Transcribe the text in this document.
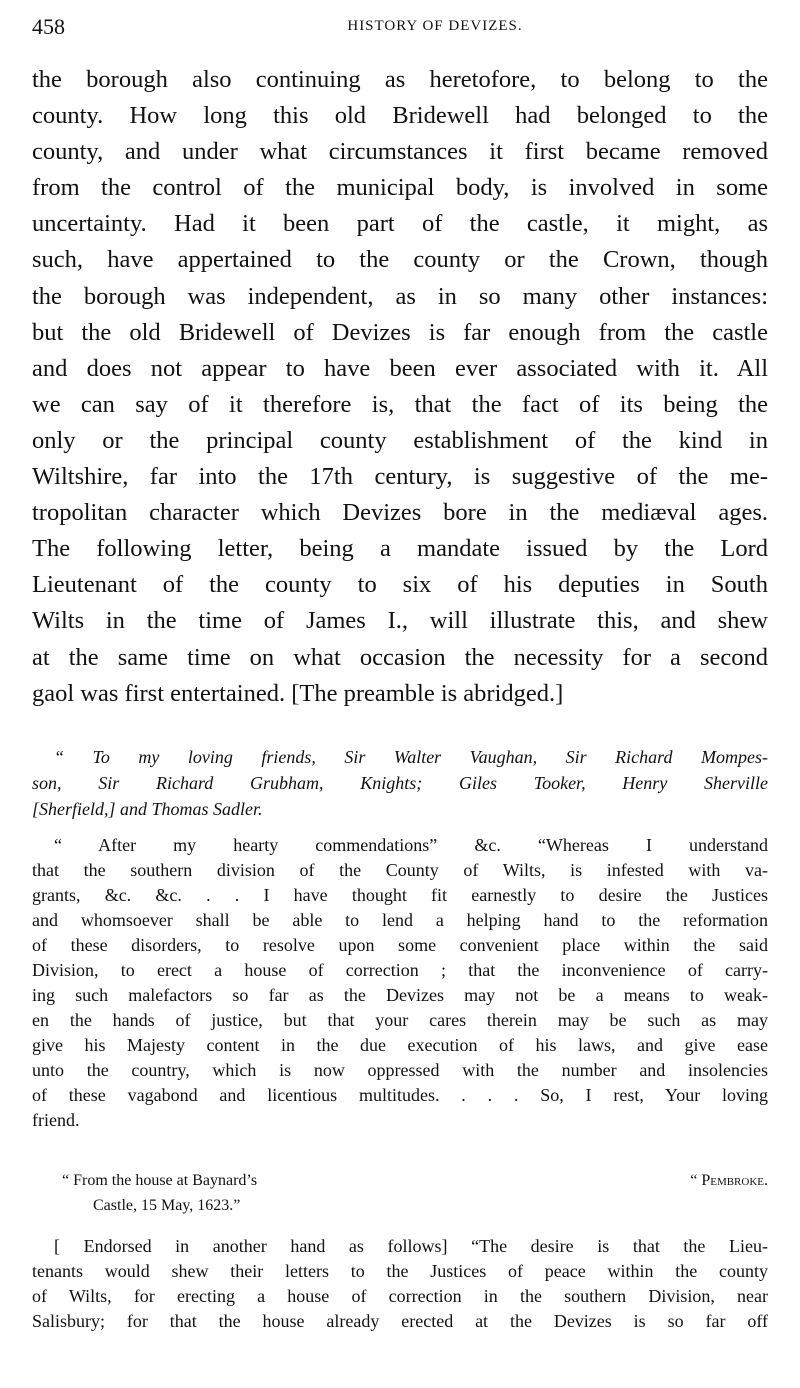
458	HISTORY OF DEVIZES.
the borough also continuing as heretofore, to belong to the
county. How long this old Bridewell had belonged to the
county, and under what circumstances it first became removed
from the control of the municipal body, is involved in some
uncertainty. Had it been part of the castle, it might, as
such, have appertained to the county or the Crown, though
the borough was independent, as in so many other instances:
but the old Bridewell of Devizes is far enough from the castle
and does not appear to have been ever associated with it. All
we can say of it therefore is, that the fact of its being the
only or the principal county establishment of the kind in
Wiltshire, far into the 17th century, is suggestive of the me-
tropolitan character which Devizes bore in the mediæval ages.
The following letter, being a mandate issued by the Lord
Lieutenant of the county to six of his deputies in South
Wilts in the time of James I., will illustrate this, and shew
at the same time on what occasion the necessity for a second
gaol was first entertained. [The preamble is abridged.]
“ To my loving friends, Sir Walter Vaughan, Sir Richard Mompes-
son, Sir Richard Grubham, Knights; Giles Tooker, Henry Sherville
[Sherfield,] and Thomas Sadler.
“ After my hearty commendations” &c. “Whereas I understand
that the southern division of the County of Wilts, is infested with va-
grants, &c. &c. . . I have thought fit earnestly to desire the Justices
and whomsoever shall be able to lend a helping hand to the reformation
of these disorders, to resolve upon some convenient place within the said
Division, to erect a house of correction ; that the inconvenience of carry-
ing such malefactors so far as the Devizes may not be a means to weak-
en the hands of justice, but that your cares therein may be such as may
give his Majesty content in the due execution of his laws, and give ease
unto the country, which is now oppressed with the number and insolencies
of these vagabond and licentious multitudes. . . . So, I rest, Your loving
friend.
“ From the house at Baynard’s	“ Pembroke.
Castle, 15 May, 1623.”
[ Endorsed in another hand as follows] “The desire is that the Lieu-
tenants would shew their letters to the Justices of peace within the county
of Wilts, for erecting a house of correction in the southern Division, near
Salisbury; for that the house already erected at the Devizes is so far off
